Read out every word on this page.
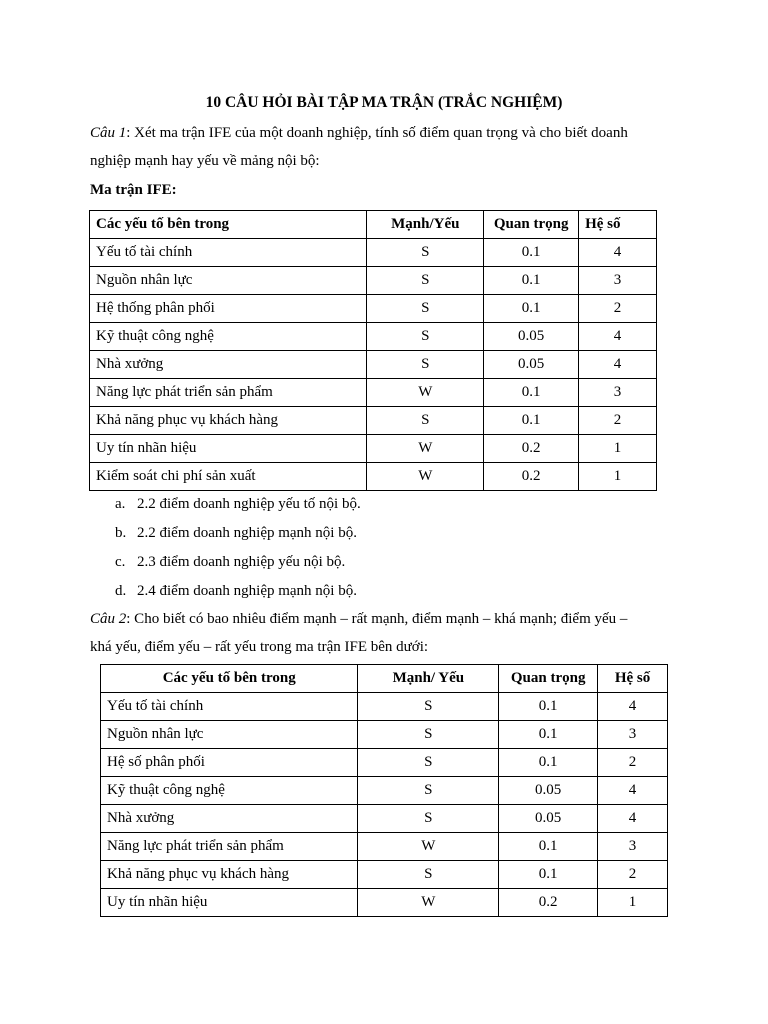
10 CÂU HỎI BÀI TẬP MA TRẬN (TRẮC NGHIỆM)
Câu 1: Xét ma trận IFE của một doanh nghiệp, tính số điểm quan trọng và cho biết doanh
nghiệp mạnh hay yếu về mảng nội bộ:
Ma trận IFE:
Các yếu tố bên trong	Mạnh/Yếu	Quan trọng	Hệ số
Yếu tố tài chính	S	0.1	4
Nguồn nhân lực	S	0.1	3
Hệ thống phân phối	S	0.1	2
Kỹ thuật công nghệ	S	0.05	4
Nhà xưởng	S	0.05	4
Năng lực phát triển sản phẩm	W	0.1	3
Khả năng phục vụ khách hàng	S	0.1	2
Uy tín nhãn hiệu	W	0.2	1
Kiểm soát chi phí sản xuất	W	0.2	1
a. 2.2 điểm doanh nghiệp yếu tố nội bộ.
b. 2.2 điểm doanh nghiệp mạnh nội bộ.
c. 2.3 điểm doanh nghiệp yếu nội bộ.
d. 2.4 điểm doanh nghiệp mạnh nội bộ.
Câu 2: Cho biết có bao nhiêu điểm mạnh – rất mạnh, điểm mạnh – khá mạnh; điểm yếu –
khá yếu, điểm yếu – rất yếu trong ma trận IFE bên dưới:
Các yếu tố bên trong	Mạnh/ Yếu	Quan trọng	Hệ số
Yếu tố tài chính	S	0.1	4
Nguồn nhân lực	S	0.1	3
Hệ số phân phối	S	0.1	2
Kỹ thuật công nghệ	S	0.05	4
Nhà xưởng	S	0.05	4
Năng lực phát triển sản phẩm	W	0.1	3
Khả năng phục vụ khách hàng	S	0.1	2
Uy tín nhãn hiệu	W	0.2	1
